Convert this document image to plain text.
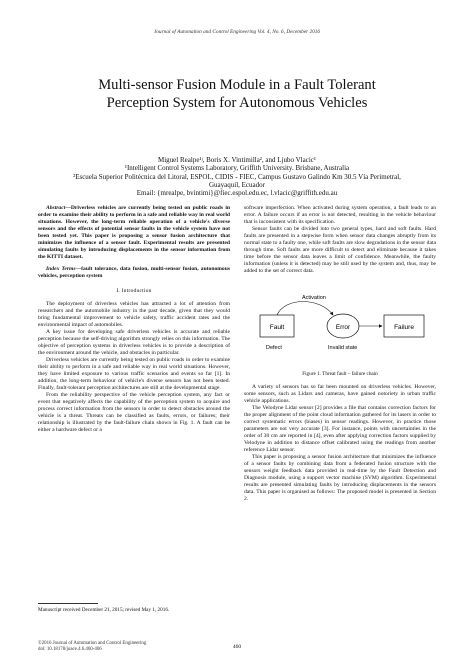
Journal of Automation and Control Engineering Vol. 4, No. 6, December 2016
Multi-sensor Fusion Module in a Fault Tolerant
Perception System for Autonomous Vehicles
Miguel Realpe¹ʲ, Boris X. Vintimilla², and Ljubo Vlacic¹
¹Intelligent Control Systems Laboratory, Griffith University. Brisbane, Australia
²Escuela Superior Politécnica del Litoral, ESPOL, CIDIS - FIEC, Campus Gustavo Galindo Km 30.5 Vía Perimetral,
Guayaquil, Ecuador
Email: {mrealpe, bvintimi}@fiec.espol.edu.ec, l.vlacic@griffith.edu.au

Abstract—Driverless vehicles are currently being tested on public roads in order to examine their ability to perform in a safe and reliable way in real world situations. However, the long-term reliable operation of a vehicle's diverse sensors and the effects of potential sensor faults in the vehicle system have not been tested yet. This paper is proposing a sensor fusion architecture that minimizes the influence of a sensor fault. Experimental results are presented simulating faults by introducing displacements in the sensor information from the KITTI dataset.

Index Terms—fault tolerance, data fusion, multi-sensor fusion, autonomous vehicles, perception system

I. Introduction

The deployment of driverless vehicles has attracted a lot of attention from researchers and the automobile industry in the past decade, given that they would bring fundamental improvement to vehicle safety, traffic accident rates and the environmental impact of automobiles.

A key issue for developing safe driverless vehicles is accurate and reliable perception because the self-driving algorithm strongly relies on this information. The objective of perception systems in driverless vehicles is to provide a description of the environment around the vehicle, and obstacles in particular.

Driverless vehicles are currently being tested on public roads in order to examine their ability to perform in a safe and reliable way in real world situations. However, they have limited exposure to various traffic scenarios and events so far [1]. In addition, the long-term behaviour of vehicle's diverse sensors has not been tested. Finally, fault-tolerant perception architectures are still at the developmental stage.

From the reliability perspective of the vehicle perception system, any fact or event that negatively affects the capability of the perception system to acquire and process correct information from the sensors in order to detect obstacles around the vehicle is a threat. Threats can be classified as faults, errors, or failures; their relationship is illustrated by the fault-failure chain shown in Fig. 1. A fault can be either a hardware defect or a

software imperfection. When activated during system operation, a fault leads to an error. A failure occurs if an error is not detected, resulting in the vehicle behaviour that is inconsistent with its specification.

Sensor faults can be divided into two general types, hard and soft faults. Hard faults are presented in a stepwise form when sensor data changes abruptly from its normal state to a faulty one, while soft faults are slow degradations in the sensor data through time. Soft faults are more difficult to detect and eliminate because it takes time before the sensor data leaves a limit of confidence. Meanwhile, the faulty information (unless it is detected) may be still used by the system and, thus, may be added to the set of correct data.

Fault	Error	Failure
Activation
Defect	Invalid state
Figure 1. Threat fault – failure chain

A variety of sensors has so far been mounted on driverless vehicles. However, some sensors, such as Lidars and cameras, have gained notoriety in urban traffic vehicle applications.

The Velodyne Lidar sensor [2] provides a file that contains correction factors for the proper alignment of the point cloud information gathered for its lasers in order to correct systematic errors (biases) in sensor readings. However, in practice those parameters are not very accurate [3]. For instance, points with uncertainties in the order of 30 cm are reported in [4], even after applying correction factors supplied by Velodyne in addition to distance offset calibrated using the readings from another reference Lidar sensor.

This paper is proposing a sensor fusion architecture that minimizes the influence of a sensor faults by combining data from a federated fusion structure with the sensors weight feedback data provided in real-time by the Fault Detection and Diagnosis module, using a support vector machine (SVM) algorithm. Experimental results are presented simulating faults by introducing displacements in the sensors data. This paper is organised as follows: The proposed model is presented in Section 2.

Manuscript received December 21, 2015; revised May 1, 2016.
©2016 Journal of Automation and Control Engineering
doi: 10.18178/joace.4.6.460-466	460
